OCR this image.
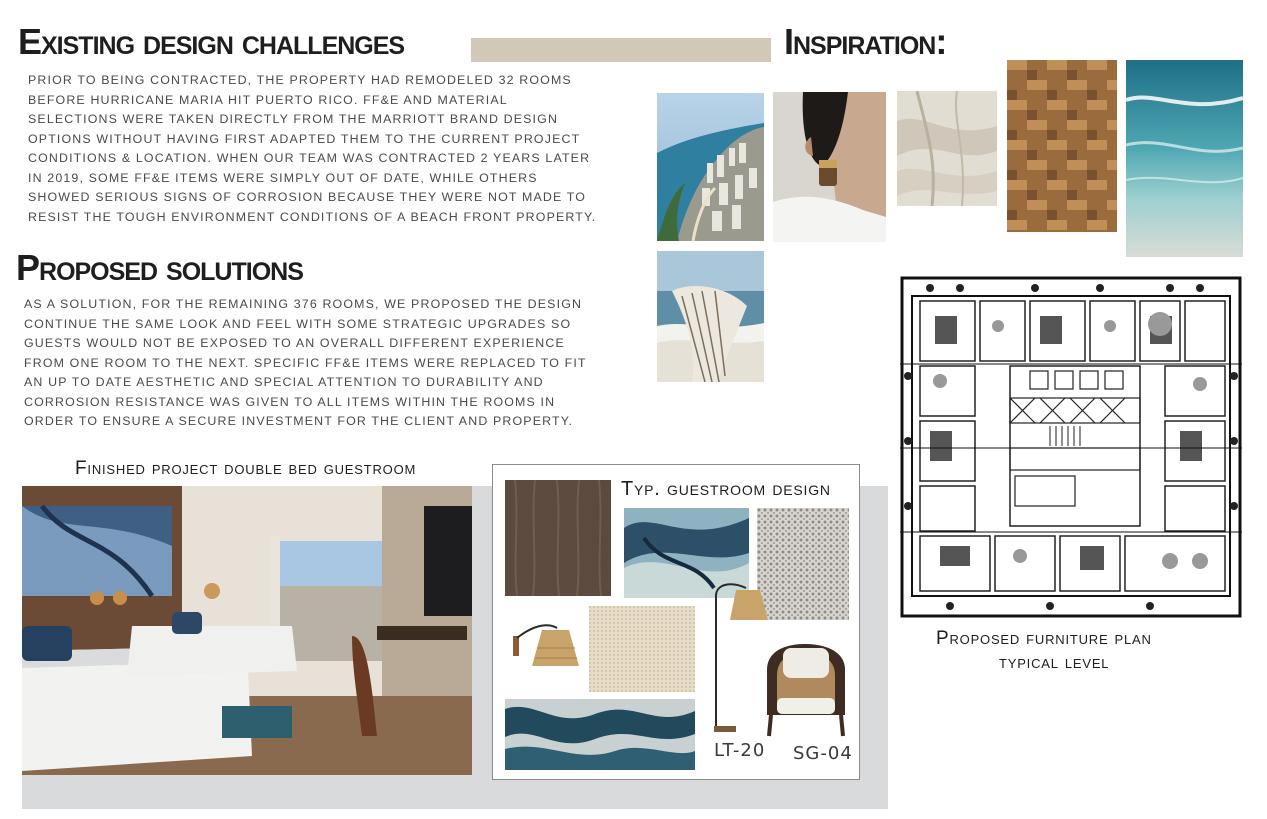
Existing design challenges

PRIOR TO BEING CONTRACTED, THE PROPERTY HAD REMODELED 32 ROOMS BEFORE HURRICANE MARIA HIT PUERTO RICO. FF&E AND MATERIAL SELECTIONS WERE TAKEN DIRECTLY FROM THE MARRIOTT BRAND DESIGN OPTIONS WITHOUT HAVING FIRST ADAPTED THEM TO THE CURRENT PROJECT CONDITIONS & LOCATION. WHEN OUR TEAM WAS CONTRACTED 2 YEARS LATER IN 2019, SOME FF&E ITEMS WERE SIMPLY OUT OF DATE, WHILE OTHERS SHOWED SERIOUS SIGNS OF CORROSION BECAUSE THEY WERE NOT MADE TO RESIST THE TOUGH ENVIRONMENT CONDITIONS OF A BEACH FRONT PROPERTY.

Proposed solutions

AS A SOLUTION, FOR THE REMAINING 376 ROOMS, WE PROPOSED THE DESIGN CONTINUE THE SAME LOOK AND FEEL WITH SOME STRATEGIC UPGRADES SO GUESTS WOULD NOT BE EXPOSED TO AN OVERALL DIFFERENT EXPERIENCE FROM ONE ROOM TO THE NEXT. SPECIFIC FF&E ITEMS WERE REPLACED TO FIT AN UP TO DATE AESTHETIC AND SPECIAL ATTENTION TO DURABILITY AND CORROSION RESISTANCE WAS GIVEN TO ALL ITEMS WITHIN THE ROOMS IN ORDER TO ENSURE A SECURE INVESTMENT FOR THE CLIENT AND PROPERTY.

Inspiration:
Finished project double bed guestroom
Typ. guestroom design
LT-20 SG-04
Proposed furniture plan
typical level
